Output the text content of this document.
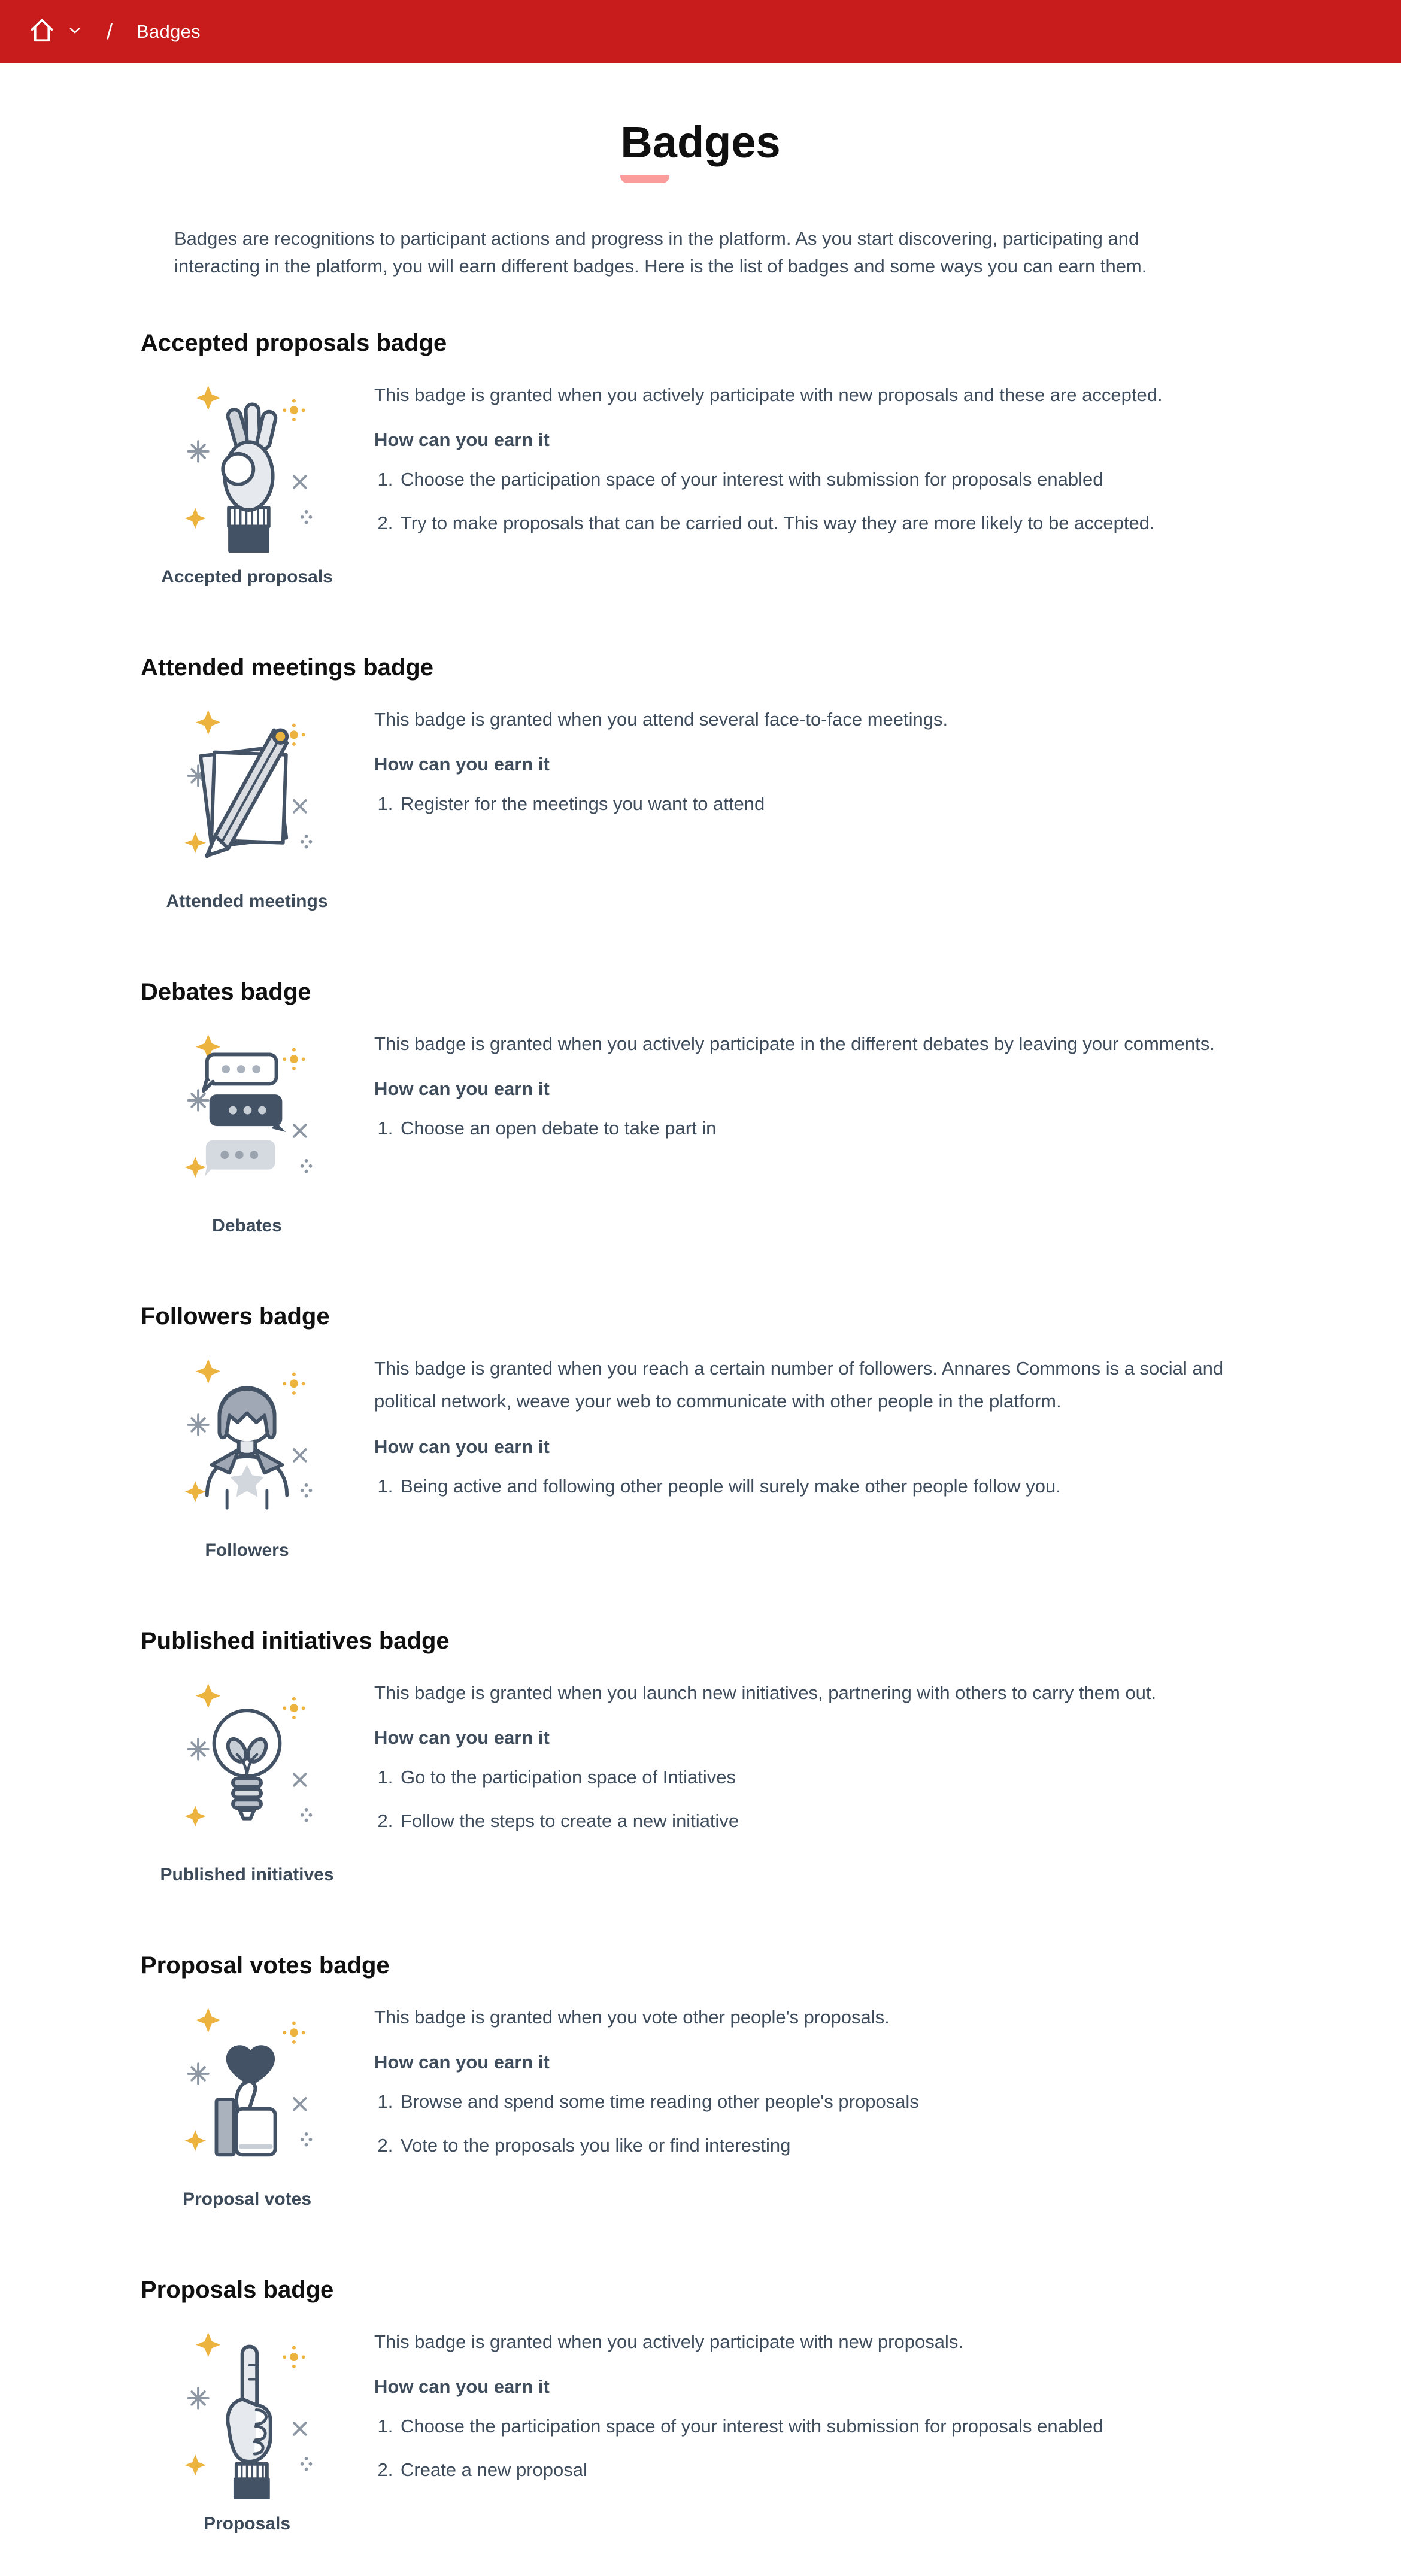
/ Badges
Badges

Badges are recognitions to participant actions and progress in the platform. As you start discovering, participating and interacting in the platform, you will earn different badges. Here is the list of badges and some ways you can earn them.

Accepted proposals badge
Accepted proposals

This badge is granted when you actively participate with new proposals and these are accepted.

How can you earn it
1. Choose the participation space of your interest with submission for proposals enabled
2. Try to make proposals that can be carried out. This way they are more likely to be accepted.
Attended meetings badge
Attended meetings

This badge is granted when you attend several face-to-face meetings.

How can you earn it
1. Register for the meetings you want to attend
Debates badge
Debates

This badge is granted when you actively participate in the different debates by leaving your comments.

How can you earn it
1. Choose an open debate to take part in
Followers badge
Followers

This badge is granted when you reach a certain number of followers. Annares Commons is a social and political network, weave your web to communicate with other people in the platform.

How can you earn it
1. Being active and following other people will surely make other people follow you.
Published initiatives badge
Published initiatives

This badge is granted when you launch new initiatives, partnering with others to carry them out.

How can you earn it
1. Go to the participation space of Intiatives
2. Follow the steps to create a new initiative
Proposal votes badge
Proposal votes

This badge is granted when you vote other people's proposals.

How can you earn it
1. Browse and spend some time reading other people's proposals
2. Vote to the proposals you like or find interesting
Proposals badge
Proposals

This badge is granted when you actively participate with new proposals.

How can you earn it
1. Choose the participation space of your interest with submission for proposals enabled
2. Create a new proposal
